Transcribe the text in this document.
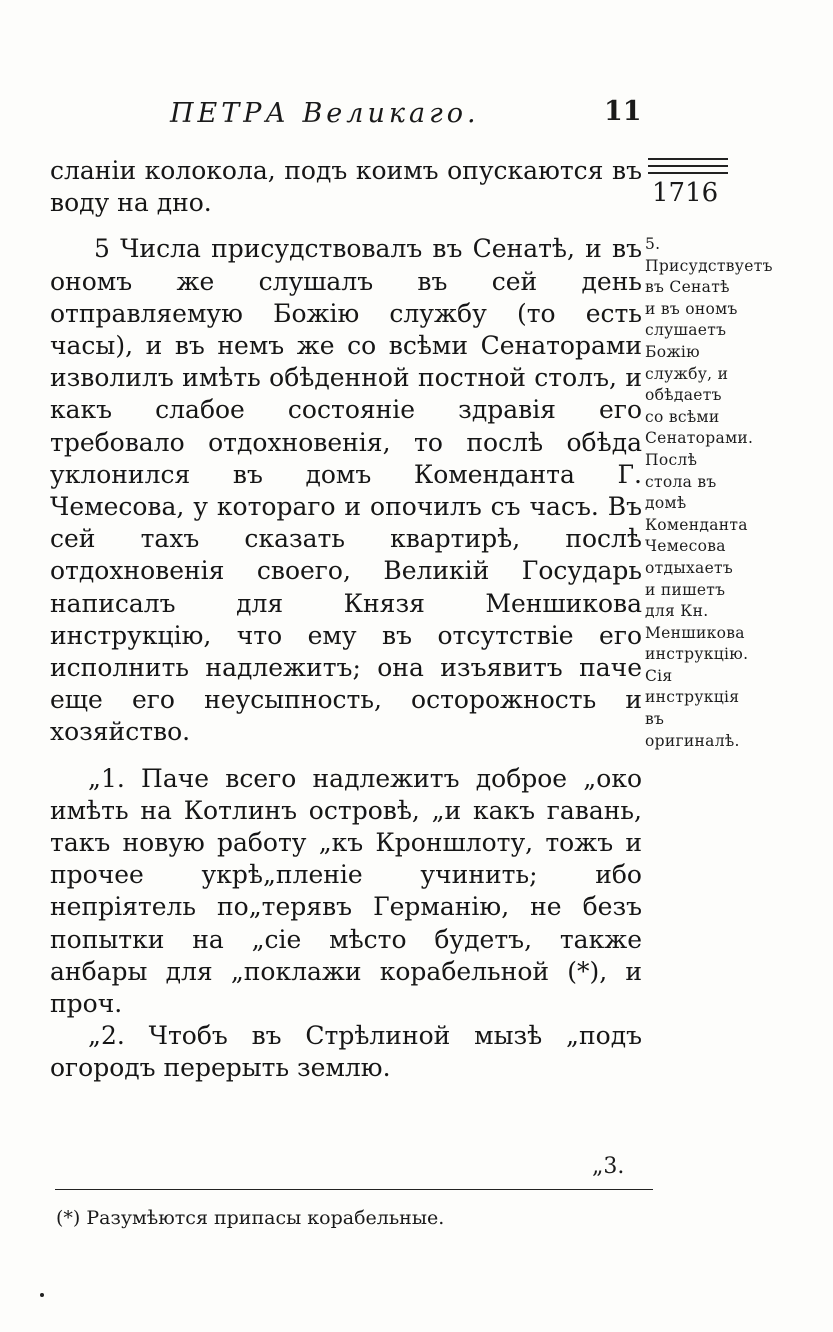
ПЕТРА Великаго.	11
1716

сланiи колокола, подъ коимъ опускаются въ воду на дно.

5 Числа присудствовалъ въ Сенатѣ, и въ ономъ же слушалъ въ сей день отправляемую Божiю службу (то есть часы), и въ немъ же со всѣми Сенаторами изволилъ имѣть обѣденной постной столъ, и какъ слабое состоянiе здравiя его требовало отдохновенiя, то послѣ обѣда уклонился въ домъ Коменданта Г. Чемесова, у котораго и опочилъ съ часъ. Въ сей тахъ сказать квартирѣ, послѣ отдохновенiя своего, Великiй Государь написалъ для Князя Меншикова инструкцiю, что ему въ отсутствiе его исполнить надлежитъ; она изъявитъ паче еще его неусыпность, осторожность и хозяйство.

„1. Паче всего надлежитъ доброе „око имѣть на Котлинъ островѣ, „и какъ гавань, такъ новую работу „къ Кроншлоту, тожъ и прочее укрѣ„пленiе учинить; ибо непрiятель по„терявъ Германiю, не безъ попытки на „сiе мѣсто будетъ, также анбары для „поклажи корабельной (*), и проч.

„2. Чтобъ въ Стрѣлиной мызѣ „подъ огородъ перерыть землю.

5. Присудствуетъ въ Сенатѣ и въ ономъ слушаетъ Божiю службу, и обѣдаетъ со всѣми Сенаторами. Послѣ стола въ домѣ Коменданта Чемесова отдыхаетъ и пишетъ для Кн. Меншикова инструкцiю. Сiя инструкцiя въ оригиналѣ.
„3.
(*) Разумѣются припасы корабельные.
